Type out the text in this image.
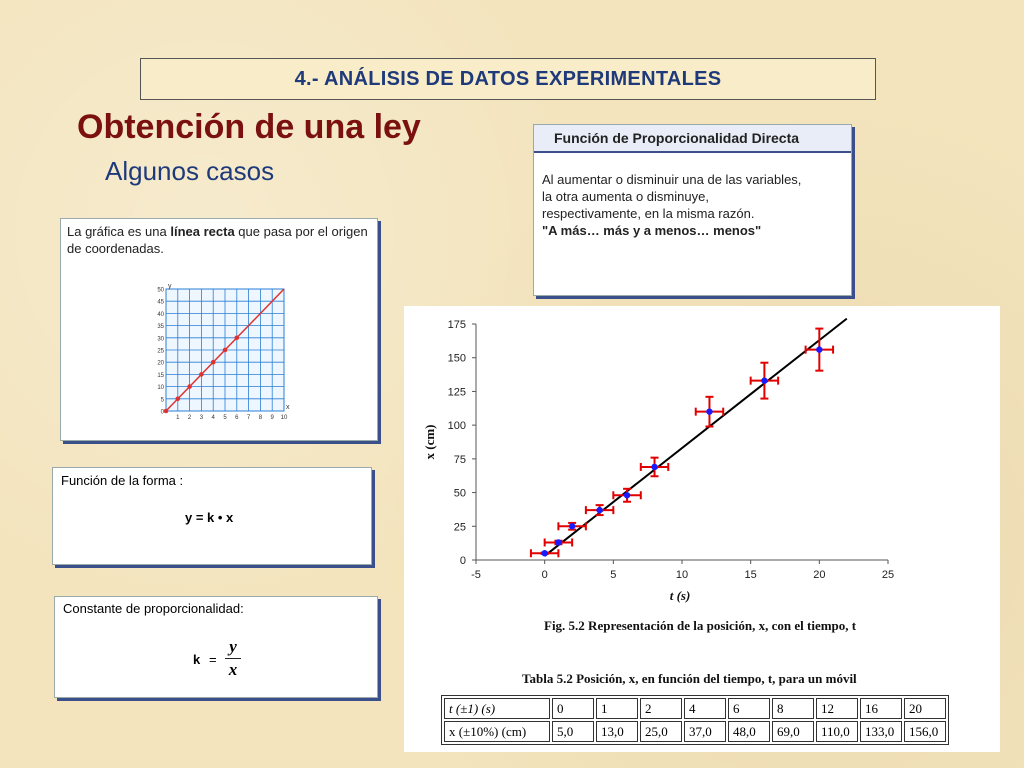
4.- ANÁLISIS DE DATOS EXPERIMENTALES
Obtención de una ley
Algunos casos
Función de Proporcionalidad Directa
Al aumentar o disminuir una de las variables,
la otra aumenta o disminuye,
respectivamente, en la misma razón.
"A más… más y a menos… menos"
La gráfica es una línea recta que pasa por el origen de coordenadas.
0
5
10
15
20
25
30
35
40
45
50
1 2 3 4 5 6 7 8 9 10
y
x
Función de la forma :
y = k • x
Constante de proporcionalidad:
k =
y
x
-5	0	5	10	15	20	25
0
25
50
75
100
125
150
175
t (s)
x (cm)
Fig. 5.2 Representación de la posición, x, con el tiempo, t
Tabla 5.2 Posición, x, en función del tiempo, t, para un móvil
t (±1) (s)	0	1	2	4	6	8	12	16	20
x (±10%) (cm)	5,0	13,0	25,0	37,0	48,0	69,0	110,0	133,0	156,0
